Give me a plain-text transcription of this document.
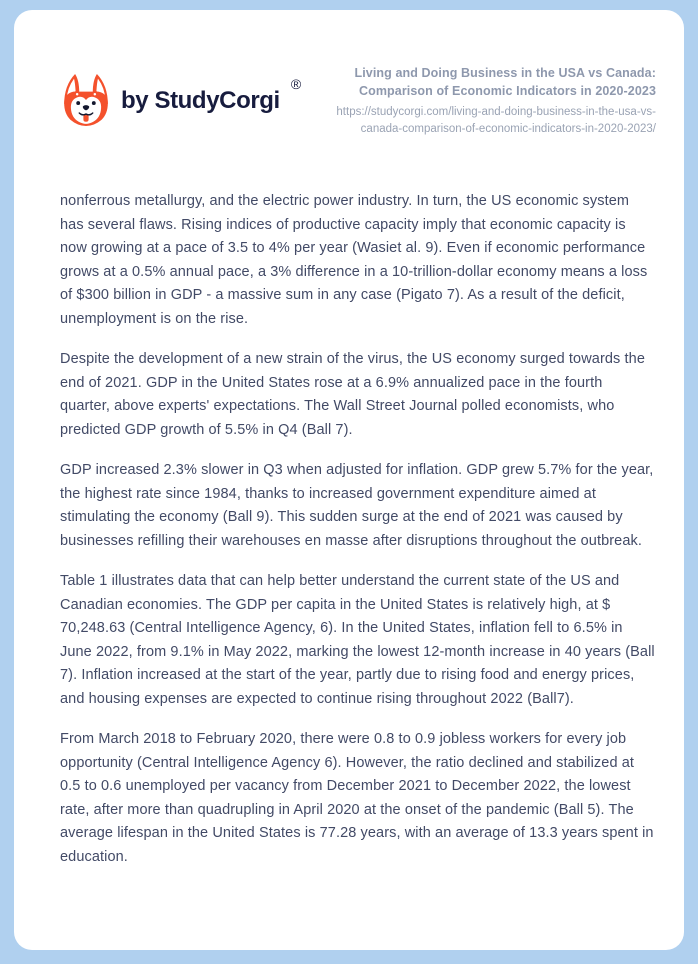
by StudyCorgi
®
Living and Doing Business in the USA vs Canada: Comparison of Economic Indicators in 2020-2023
https://studycorgi.com/living-and-doing-business-in-the-usa-vs-canada-comparison-of-economic-indicators-in-2020-2023/

nonferrous metallurgy, and the electric power industry. In turn, the US economic system has several flaws. Rising indices of productive capacity imply that economic capacity is now growing at a pace of 3.5 to 4% per year (Wasiet al. 9). Even if economic performance grows at a 0.5% annual pace, a 3% difference in a 10-trillion-dollar economy means a loss of $300 billion in GDP - a massive sum in any case (Pigato 7). As a result of the deficit, unemployment is on the rise.

Despite the development of a new strain of the virus, the US economy surged towards the end of 2021. GDP in the United States rose at a 6.9% annualized pace in the fourth quarter, above experts' expectations. The Wall Street Journal polled economists, who predicted GDP growth of 5.5% in Q4 (Ball 7).

GDP increased 2.3% slower in Q3 when adjusted for inflation. GDP grew 5.7% for the year, the highest rate since 1984, thanks to increased government expenditure aimed at stimulating the economy (Ball 9). This sudden surge at the end of 2021 was caused by businesses refilling their warehouses en masse after disruptions throughout the outbreak.

Table 1 illustrates data that can help better understand the current state of the US and Canadian economies. The GDP per capita in the United States is relatively high, at $ 70,248.63 (Central Intelligence Agency, 6). In the United States, inflation fell to 6.5% in June 2022, from 9.1% in May 2022, marking the lowest 12-month increase in 40 years (Ball 7). Inflation increased at the start of the year, partly due to rising food and energy prices, and housing expenses are expected to continue rising throughout 2022 (Ball7).

From March 2018 to February 2020, there were 0.8 to 0.9 jobless workers for every job opportunity (Central Intelligence Agency 6). However, the ratio declined and stabilized at 0.5 to 0.6 unemployed per vacancy from December 2021 to December 2022, the lowest rate, after more than quadrupling in April 2020 at the onset of the pandemic (Ball 5). The average lifespan in the United States is 77.28 years, with an average of 13.3 years spent in education.
